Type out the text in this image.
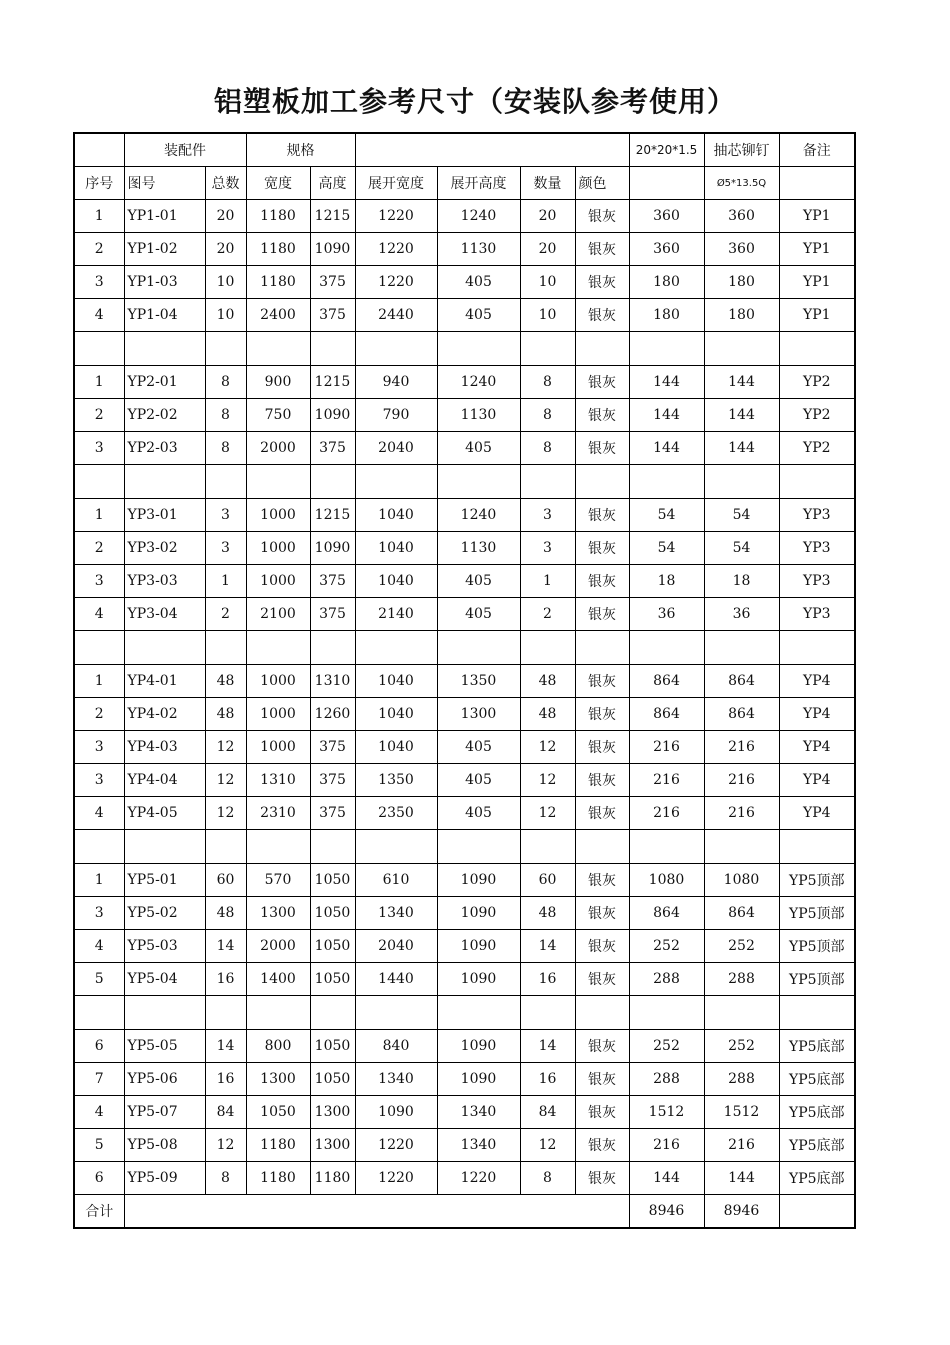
铝塑板加工参考尺寸（安装队参考使用）
	装配件		规格						20*20*1.5	抽芯铆钉	备注
序号	图号	总数	宽度	高度	展开宽度	展开高度	数量	颜色		Ø5*13.5Q	
1	YP1-01	20	1180	1215	1220	1240	20	银灰	360	360	YP1
2	YP1-02	20	1180	1090	1220	1130	20	银灰	360	360	YP1
3	YP1-03	10	1180	375	1220	405	10	银灰	180	180	YP1
4	YP1-04	10	2400	375	2440	405	10	银灰	180	180	YP1

1	YP2-01	8	900	1215	940	1240	8	银灰	144	144	YP2
2	YP2-02	8	750	1090	790	1130	8	银灰	144	144	YP2
3	YP2-03	8	2000	375	2040	405	8	银灰	144	144	YP2

1	YP3-01	3	1000	1215	1040	1240	3	银灰	54	54	YP3
2	YP3-02	3	1000	1090	1040	1130	3	银灰	54	54	YP3
3	YP3-03	1	1000	375	1040	405	1	银灰	18	18	YP3
4	YP3-04	2	2100	375	2140	405	2	银灰	36	36	YP3

1	YP4-01	48	1000	1310	1040	1350	48	银灰	864	864	YP4
2	YP4-02	48	1000	1260	1040	1300	48	银灰	864	864	YP4
3	YP4-03	12	1000	375	1040	405	12	银灰	216	216	YP4
3	YP4-04	12	1310	375	1350	405	12	银灰	216	216	YP4
4	YP4-05	12	2310	375	2350	405	12	银灰	216	216	YP4

1	YP5-01	60	570	1050	610	1090	60	银灰	1080	1080	YP5顶部
3	YP5-02	48	1300	1050	1340	1090	48	银灰	864	864	YP5顶部
4	YP5-03	14	2000	1050	2040	1090	14	银灰	252	252	YP5顶部
5	YP5-04	16	1400	1050	1440	1090	16	银灰	288	288	YP5顶部

6	YP5-05	14	800	1050	840	1090	14	银灰	252	252	YP5底部
7	YP5-06	16	1300	1050	1340	1090	16	银灰	288	288	YP5底部
4	YP5-07	84	1050	1300	1090	1340	84	银灰	1512	1512	YP5底部
5	YP5-08	12	1180	1300	1220	1340	12	银灰	216	216	YP5底部
6	YP5-09	8	1180	1180	1220	1220	8	银灰	144	144	YP5底部
合计									8946	8946	
